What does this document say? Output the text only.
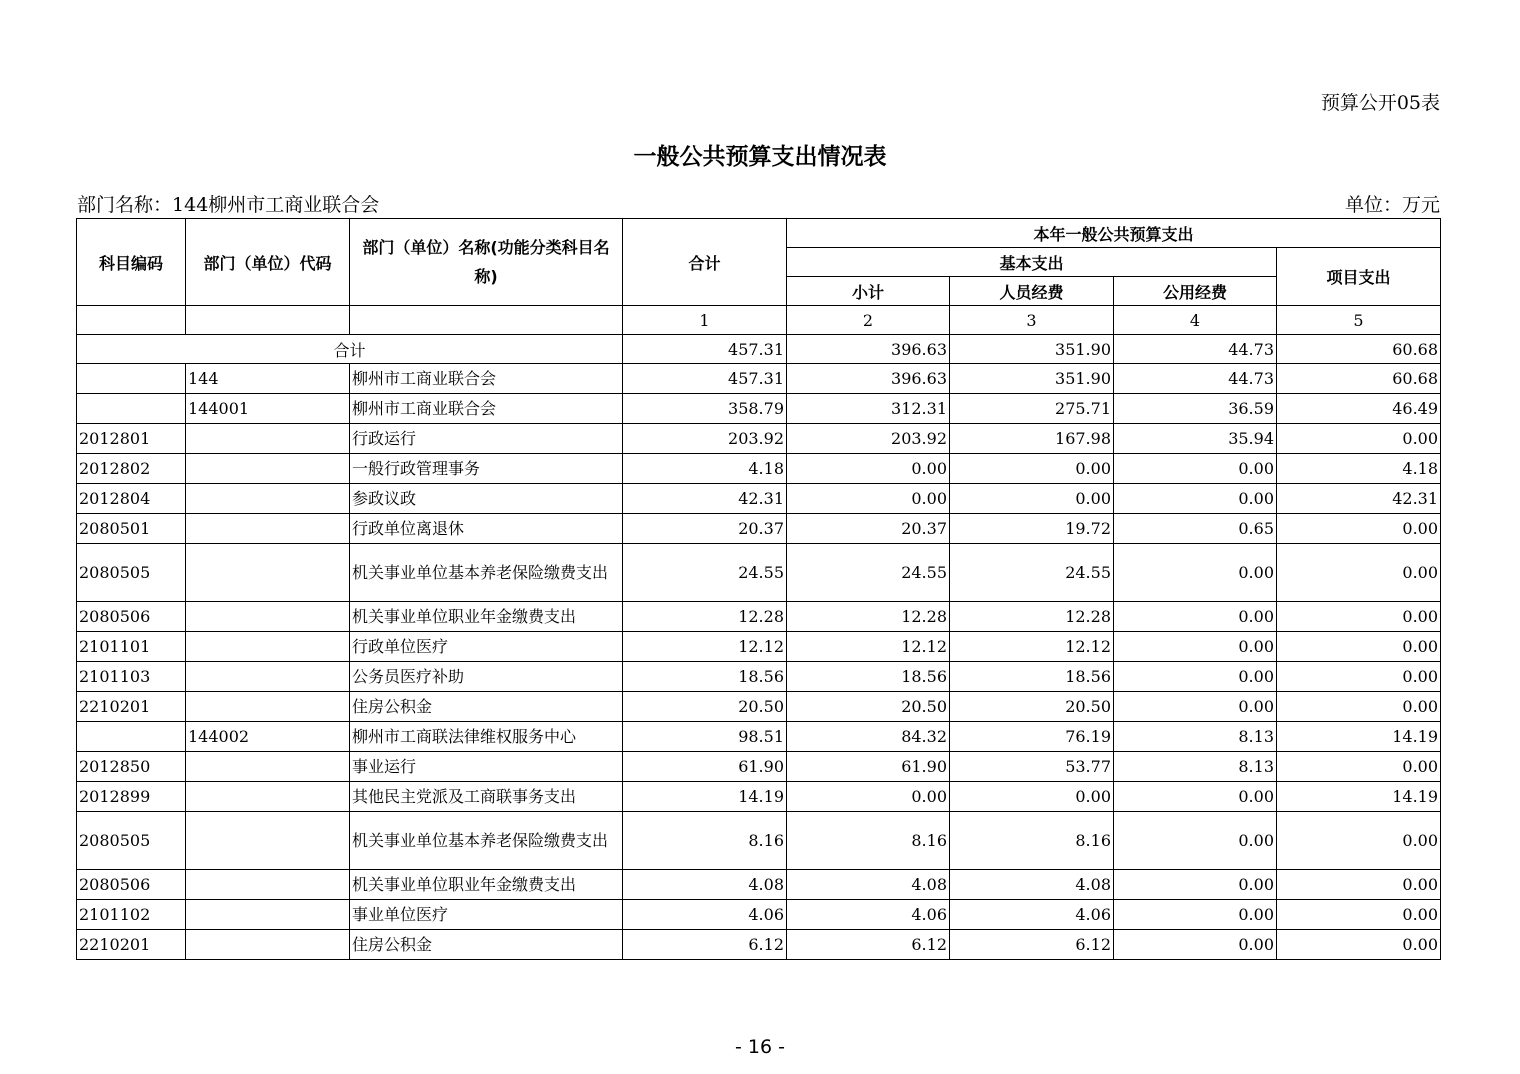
预算公开05表
一般公共预算支出情况表
部门名称：144柳州市工商业联合会	单位：万元
科目编码	部门（单位）代码	部门（单位）名称(功能分类科目名称)	合计	本年一般公共预算支出			
				基本支出			项目支出
				小计	人员经费	公用经费	
			1	2	3	4	5
合计			457.31	396.63	351.90	44.73	60.68
	144	柳州市工商业联合会	457.31	396.63	351.90	44.73	60.68
	144001	柳州市工商业联合会	358.79	312.31	275.71	36.59	46.49
2012801		行政运行	203.92	203.92	167.98	35.94	0.00
2012802		一般行政管理事务	4.18	0.00	0.00	0.00	4.18
2012804		参政议政	42.31	0.00	0.00	0.00	42.31
2080501		行政单位离退休	20.37	20.37	19.72	0.65	0.00
2080505		机关事业单位基本养老保险缴费支出	24.55	24.55	24.55	0.00	0.00
2080506		机关事业单位职业年金缴费支出	12.28	12.28	12.28	0.00	0.00
2101101		行政单位医疗	12.12	12.12	12.12	0.00	0.00
2101103		公务员医疗补助	18.56	18.56	18.56	0.00	0.00
2210201		住房公积金	20.50	20.50	20.50	0.00	0.00
	144002	柳州市工商联法律维权服务中心	98.51	84.32	76.19	8.13	14.19
2012850		事业运行	61.90	61.90	53.77	8.13	0.00
2012899		其他民主党派及工商联事务支出	14.19	0.00	0.00	0.00	14.19
2080505		机关事业单位基本养老保险缴费支出	8.16	8.16	8.16	0.00	0.00
2080506		机关事业单位职业年金缴费支出	4.08	4.08	4.08	0.00	0.00
2101102		事业单位医疗	4.06	4.06	4.06	0.00	0.00
2210201		住房公积金	6.12	6.12	6.12	0.00	0.00
- 16 -
